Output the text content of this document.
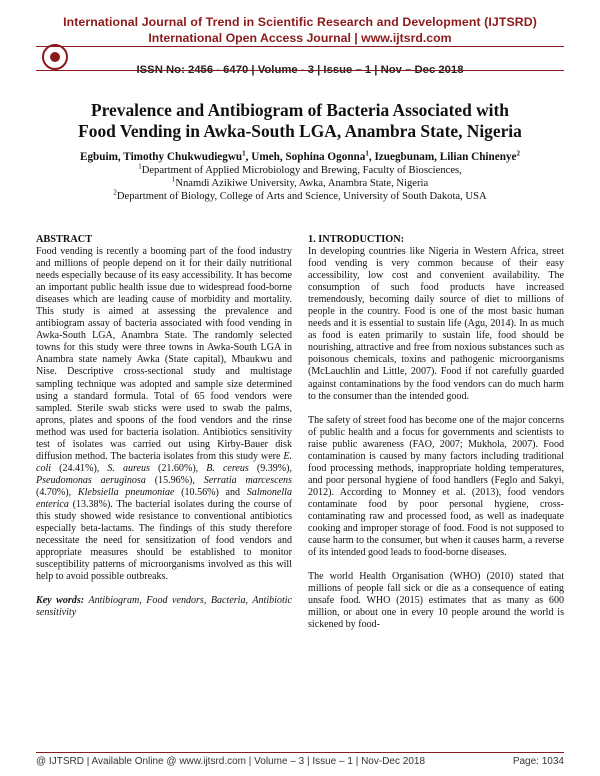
International Journal of Trend in Scientific Research and Development (IJTSRD)
International Open Access Journal | www.ijtsrd.com
ISSN No: 2456 - 6470 | Volume - 3 | Issue – 1 | Nov – Dec 2018
Prevalence and Antibiogram of Bacteria Associated with
Food Vending in Awka-South LGA, Anambra State, Nigeria
Egbuim, Timothy Chukwudiegwu$^1$, Umeh, Sophina Ogonna$^1$, Izuegbunam, Lilian Chinenye$^2$
$^1$Department of Applied Microbiology and Brewing, Faculty of Biosciences,
$^1$Nnamdi Azikiwe University, Awka, Anambra State, Nigeria
$^2$Department of Biology, College of Arts and Science, University of South Dakota, USA
ABSTRACT

Food vending is recently a booming part of the food industry and millions of people depend on it for their daily nutritional needs especially because of its easy accessibility. It has become an important public health issue due to widespread food-borne diseases which are leading cause of morbidity and mortality. This study is aimed at assessing the prevalence and antibiogram assay of bacteria associated with food vending in Awka-South LGA, Anambra State. The randomly selected towns for this study were three towns in Awka-South LGA in Anambra state namely Awka (State capital), Mbaukwu and Nise. Descriptive cross-sectional study and multistage sampling technique was adopted and sample size determined using a standard formula. Total of 65 food vendors were sampled. Sterile swab sticks were used to swab the palms, aprons, plates and spoons of the food vendors and the rinse method was used for bacteria isolation. Antibiotics sensitivity test of isolates was carried out using Kirby-Bauer disk diffusion method. The bacteria isolates from this study were E. coli (24.41%), S. aureus (21.60%), B. cereus (9.39%), Pseudomonas aeruginosa (15.96%), Serratia marcescens (4.70%), Klebsiella pneumoniae (10.56%) and Salmonella enterica (13.38%). The bacterial isolates during the course of this study showed wide resistance to conventional antibiotics especially beta-lactams. The findings of this study therefore necessitate the need for sensitization of food vendors and appropriate measures should be established to monitor susceptibility patterns of microorganisms involved as this will help to avoid possible outbreaks.

Key words: Antibiogram, Food vendors, Bacteria, Antibiotic sensitivity

1. INTRODUCTION:

In developing countries like Nigeria in Western Africa, street food vending is very common because of their easy accessibility, low cost and convenient availability. The consumption of such food products have increased tremendously, becoming daily source of diet to millions of people in the country. Food is one of the most basic human needs and it is essential to sustain life (Agu, 2014). In as much as food is eaten primarily to sustain life, food should be nourishing, attractive and free from noxious substances such as poisonous chemicals, toxins and pathogenic microorganisms (McLauchlin and Little, 2007). Food if not carefully guarded against contaminations by the food vendors can do much harm to the consumer than the intended good.

The safety of street food has become one of the major concerns of public health and a focus for governments and scientists to raise public awareness (FAO, 2007; Mukhola, 2007). Food contamination is caused by many factors including traditional food processing methods, inappropriate holding temperatures, and poor personal hygiene of food handlers (Feglo and Sakyi, 2012). According to Monney et al. (2013), food vendors contaminate food by poor personal hygiene, cross-contaminating raw and processed food, as well as inadequate cooking and improper storage of food. Food is not supposed to cause harm to the consumer, but when it causes harm, a reverse of its intended good leads to food-borne diseases.

The world Health Organisation (WHO) (2010) stated that millions of people fall sick or die as a consequence of eating unsafe food. WHO (2015) estimates that as many as 600 million, or about one in every 10 people around the world is sickened by food-

@ IJTSRD | Available Online @ www.ijtsrd.com | Volume – 3 | Issue – 1 | Nov-Dec 2018	Page: 1034
